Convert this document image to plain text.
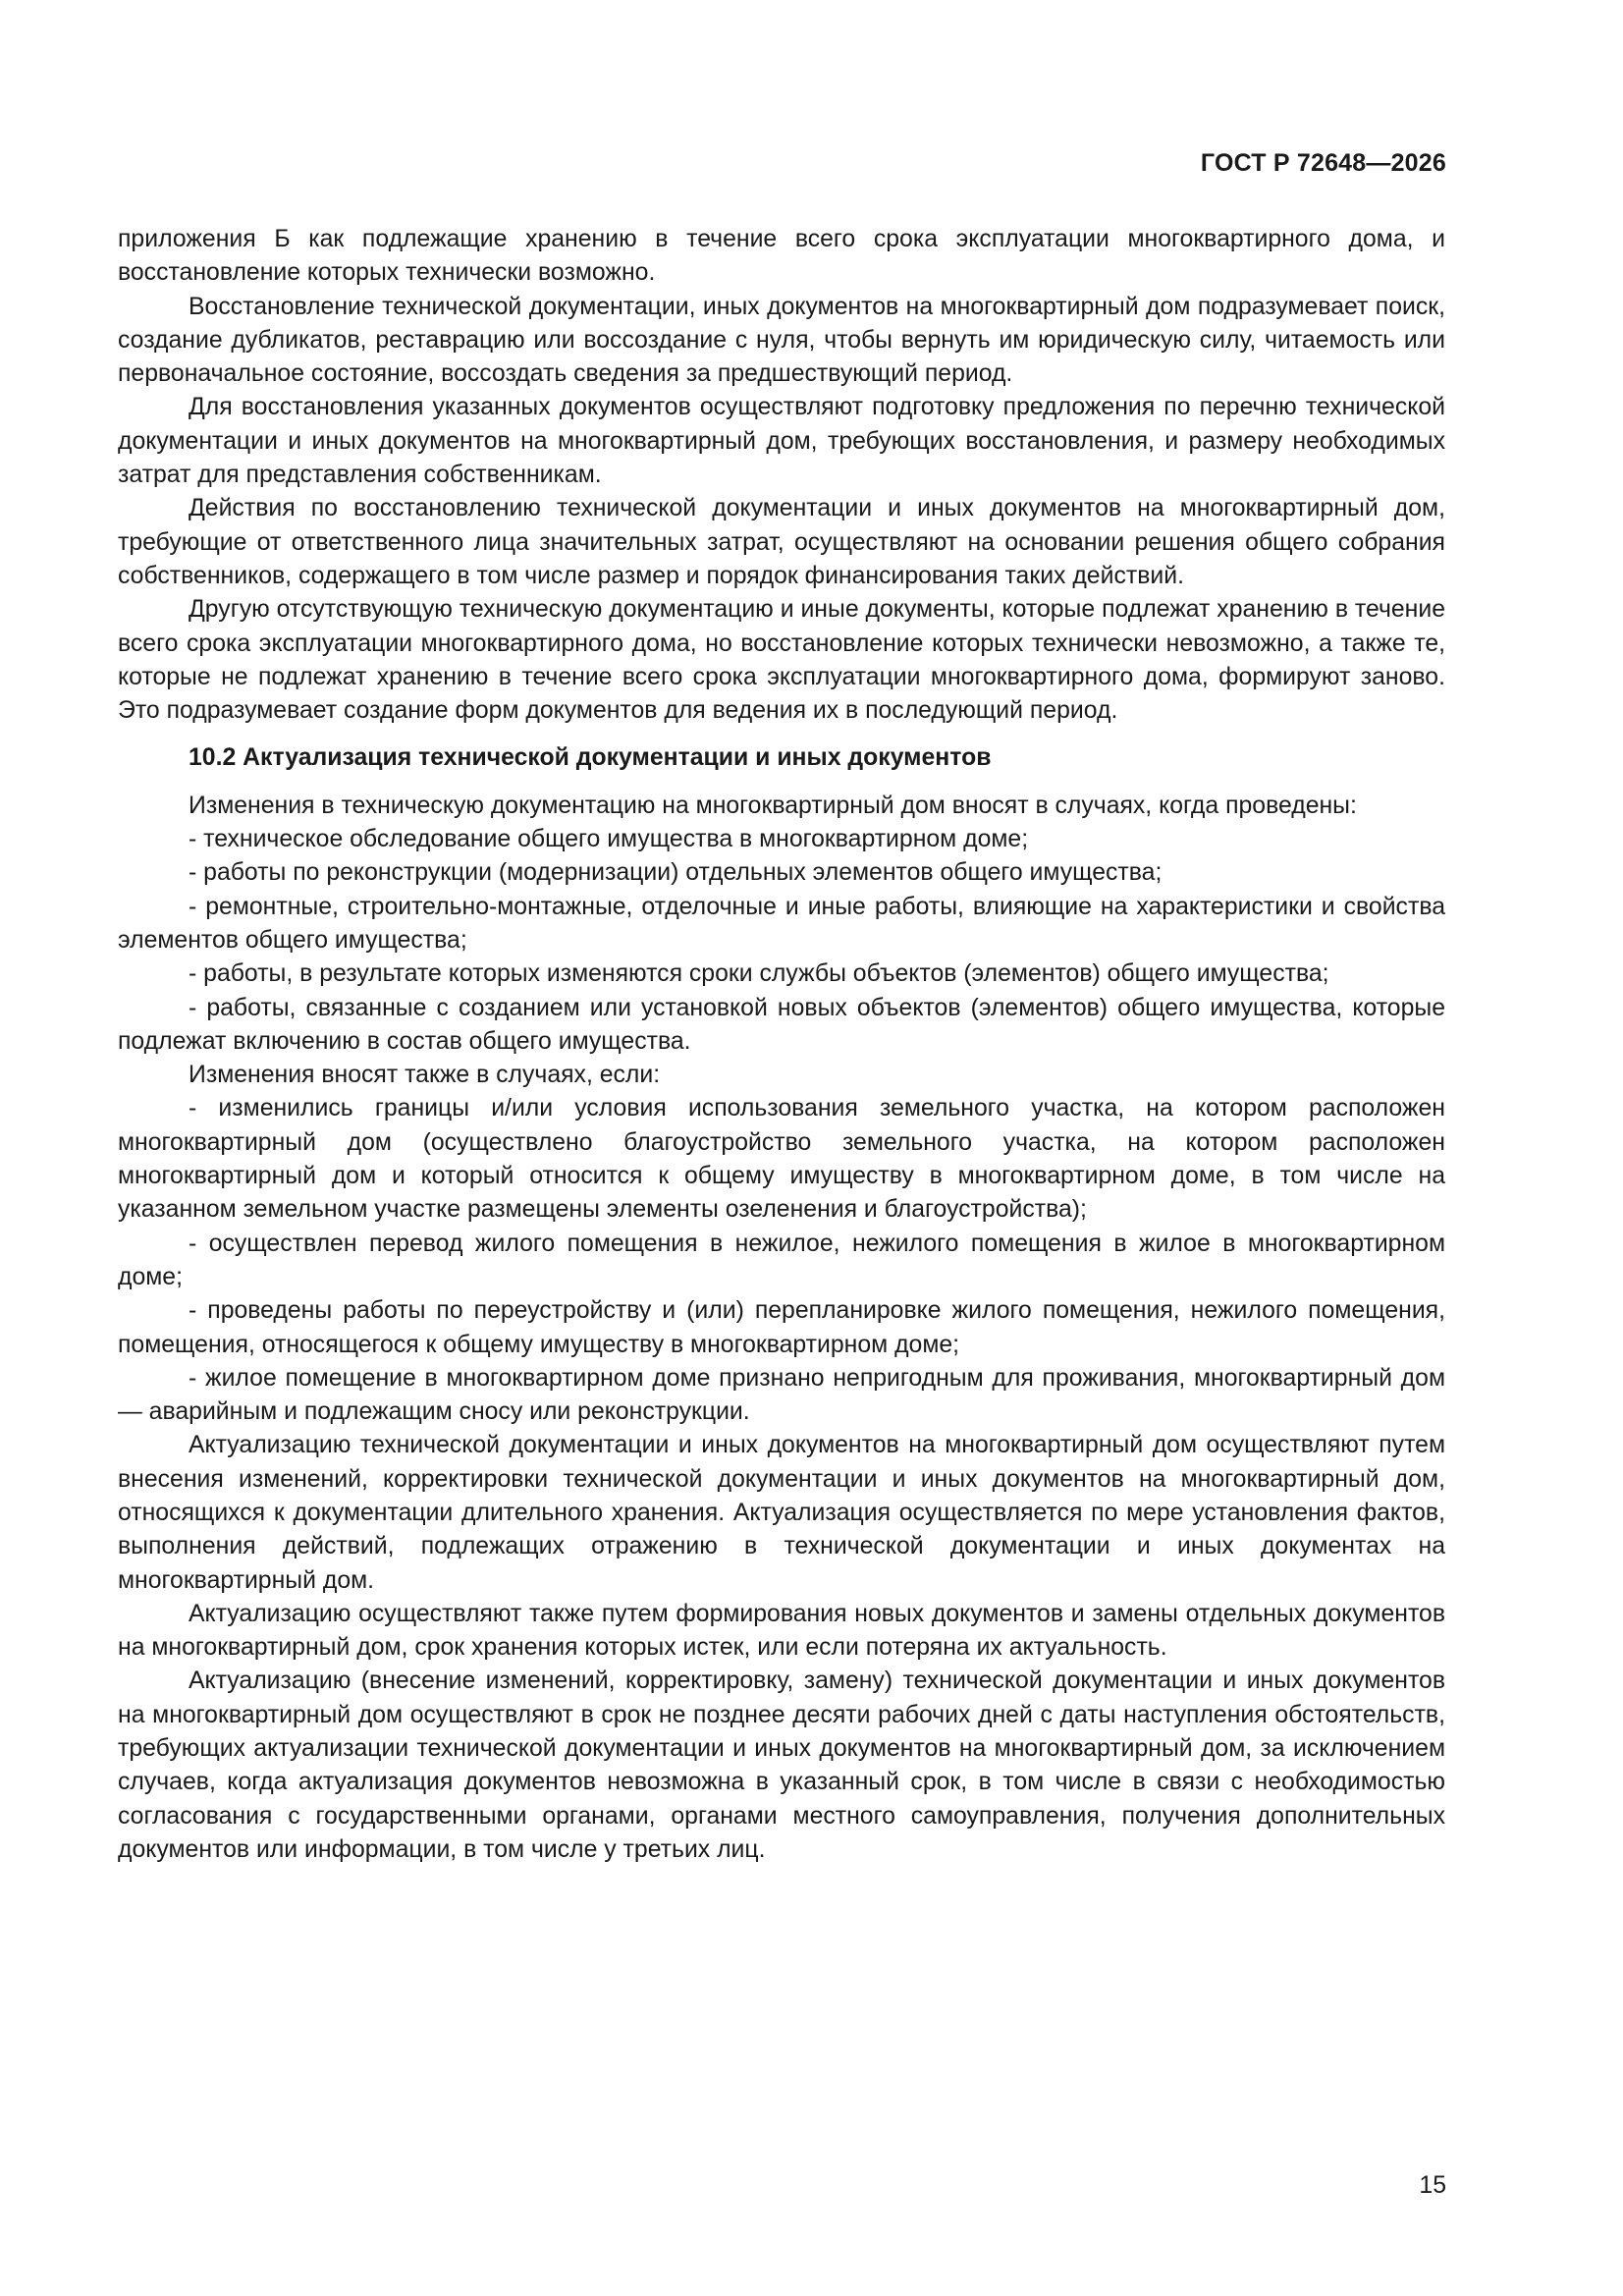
ГОСТ Р 72648—2026

приложения Б как подлежащие хранению в течение всего срока эксплуатации многоквартирного дома, и восстановление которых технически возможно.

Восстановление технической документации, иных документов на многоквартирный дом подразумевает поиск, создание дубликатов, реставрацию или воссоздание с нуля, чтобы вернуть им юридическую силу, читаемость или первоначальное состояние, воссоздать сведения за предшествующий период.

Для восстановления указанных документов осуществляют подготовку предложения по перечню технической документации и иных документов на многоквартирный дом, требующих восстановления, и размеру необходимых затрат для представления собственникам.

Действия по восстановлению технической документации и иных документов на многоквартирный дом, требующие от ответственного лица значительных затрат, осуществляют на основании решения общего собрания собственников, содержащего в том числе размер и порядок финансирования таких действий.

Другую отсутствующую техническую документацию и иные документы, которые подлежат хранению в течение всего срока эксплуатации многоквартирного дома, но восстановление которых технически невозможно, а также те, которые не подлежат хранению в течение всего срока эксплуатации многоквартирного дома, формируют заново. Это подразумевает создание форм документов для ведения их в последующий период.

10.2 Актуализация технической документации и иных документов

Изменения в техническую документацию на многоквартирный дом вносят в случаях, когда проведены:

- техническое обследование общего имущества в многоквартирном доме;

- работы по реконструкции (модернизации) отдельных элементов общего имущества;

- ремонтные, строительно-монтажные, отделочные и иные работы, влияющие на характеристики и свойства элементов общего имущества;

- работы, в результате которых изменяются сроки службы объектов (элементов) общего имущества;

- работы, связанные с созданием или установкой новых объектов (элементов) общего имущества, которые подлежат включению в состав общего имущества.

Изменения вносят также в случаях, если:

- изменились границы и/или условия использования земельного участка, на котором расположен многоквартирный дом (осуществлено благоустройство земельного участка, на котором расположен многоквартирный дом и который относится к общему имуществу в многоквартирном доме, в том числе на указанном земельном участке размещены элементы озеленения и благоустройства);

- осуществлен перевод жилого помещения в нежилое, нежилого помещения в жилое в многоквартирном доме;

- проведены работы по переустройству и (или) перепланировке жилого помещения, нежилого помещения, помещения, относящегося к общему имуществу в многоквартирном доме;

- жилое помещение в многоквартирном доме признано непригодным для проживания, многоквартирный дом — аварийным и подлежащим сносу или реконструкции.

Актуализацию технической документации и иных документов на многоквартирный дом осуществляют путем внесения изменений, корректировки технической документации и иных документов на многоквартирный дом, относящихся к документации длительного хранения. Актуализация осуществляется по мере установления фактов, выполнения действий, подлежащих отражению в технической документации и иных документах на многоквартирный дом.

Актуализацию осуществляют также путем формирования новых документов и замены отдельных документов на многоквартирный дом, срок хранения которых истек, или если потеряна их актуальность.

Актуализацию (внесение изменений, корректировку, замену) технической документации и иных документов на многоквартирный дом осуществляют в срок не позднее десяти рабочих дней с даты наступления обстоятельств, требующих актуализации технической документации и иных документов на многоквартирный дом, за исключением случаев, когда актуализация документов невозможна в указанный срок, в том числе в связи с необходимостью согласования с государственными органами, органами местного самоуправления, получения дополнительных документов или информации, в том числе у третьих лиц.

15
